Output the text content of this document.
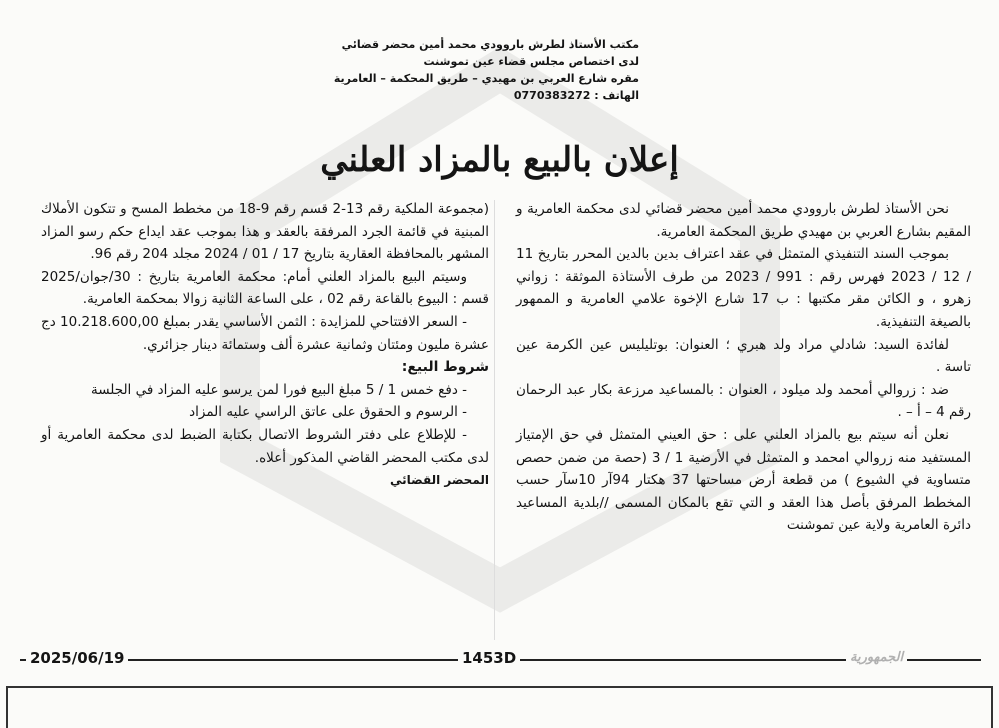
مكتب الأستاذ لطرش باروودي محمد أمين محضر قضائي
لدى اختصاص مجلس قضاء عين تموشنت
مقره شارع العربي بن مهيدي – طريق المحكمة – العامرية
الهاتف : 0770383272
إعلان بالبيع بالمزاد العلني

نحن الأستاذ لطرش باروودي محمد أمين محضر قضائي لدى محكمة العامرية و المقيم بشارع العربي بن مهيدي طريق المحكمة العامرية.

بموجب السند التنفيذي المتمثل في عقد اعتراف بدين بالدين المحرر بتاريخ 11 / 12 / 2023 فهرس رقم : 991 / 2023 من طرف الأستاذة الموثقة : زواني زهرو ، و الكائن مقر مكتبها : ب 17 شارع الإخوة علامي العامرية و الممهور بالصيغة التنفيذية.

لفائدة السيد: شادلي مراد ولد هبري ؛ العنوان: بوتليليس عين الكرمة عين تاسة .

ضد : زروالي أمحمد ولد ميلود ، العنوان : بالمساعيد مرزعة بكار عبد الرحمان رقم 4 – أ – .

نعلن أنه سيتم بيع بالمزاد العلني على : حق العيني المتمثل في حق الإمتياز المستفيد منه زروالي امحمد و المتمثل في الأرضية 1 / 3 (حصة من ضمن حصص متساوية في الشيوع ) من قطعة أرض مساحتها 37 هكتار 94آر 10سآر حسب المخطط المرفق بأصل هذا العقد و التي تقع بالمكان المسمى //بلدية المساعيد دائرة العامرية ولاية عين تموشنت

(مجموعة الملكية رقم 13-2 قسم رقم 9-18 من مخطط المسح و تتكون الأملاك المبنية في قائمة الجرد المرفقة بالعقد و هذا بموجب عقد ايداع حكم رسو المزاد المشهر بالمحافظة العقارية بتاريخ 17 / 01 / 2024 مجلد 204 رقم 96.

وسيتم البيع بالمزاد العلني أمام: محكمة العامرية بتاريخ : 30/جوان/2025 قسم : البيوع بالقاعة رقم 02 ، على الساعة الثانية زوالا بمحكمة العامرية.

- السعر الافتتاحي للمزايدة : الثمن الأساسي يقدر بمبلغ 10.218.600,00 دج عشرة مليون ومئتان وثمانية عشرة ألف وستمائة دينار جزائري.

شروط البيع:

- دفع خمس 1 / 5 مبلغ البيع فورا لمن يرسو عليه المزاد في الجلسة

- الرسوم و الحقوق على عاتق الراسي عليه المزاد

- للإطلاع على دفتر الشروط الاتصال بكتابة الضبط لدى محكمة العامرية أو لدى مكتب المحضر القاضي المذكور أعلاه.

المحضر القضائي

2025/06/19	1453D	الجمهورية
